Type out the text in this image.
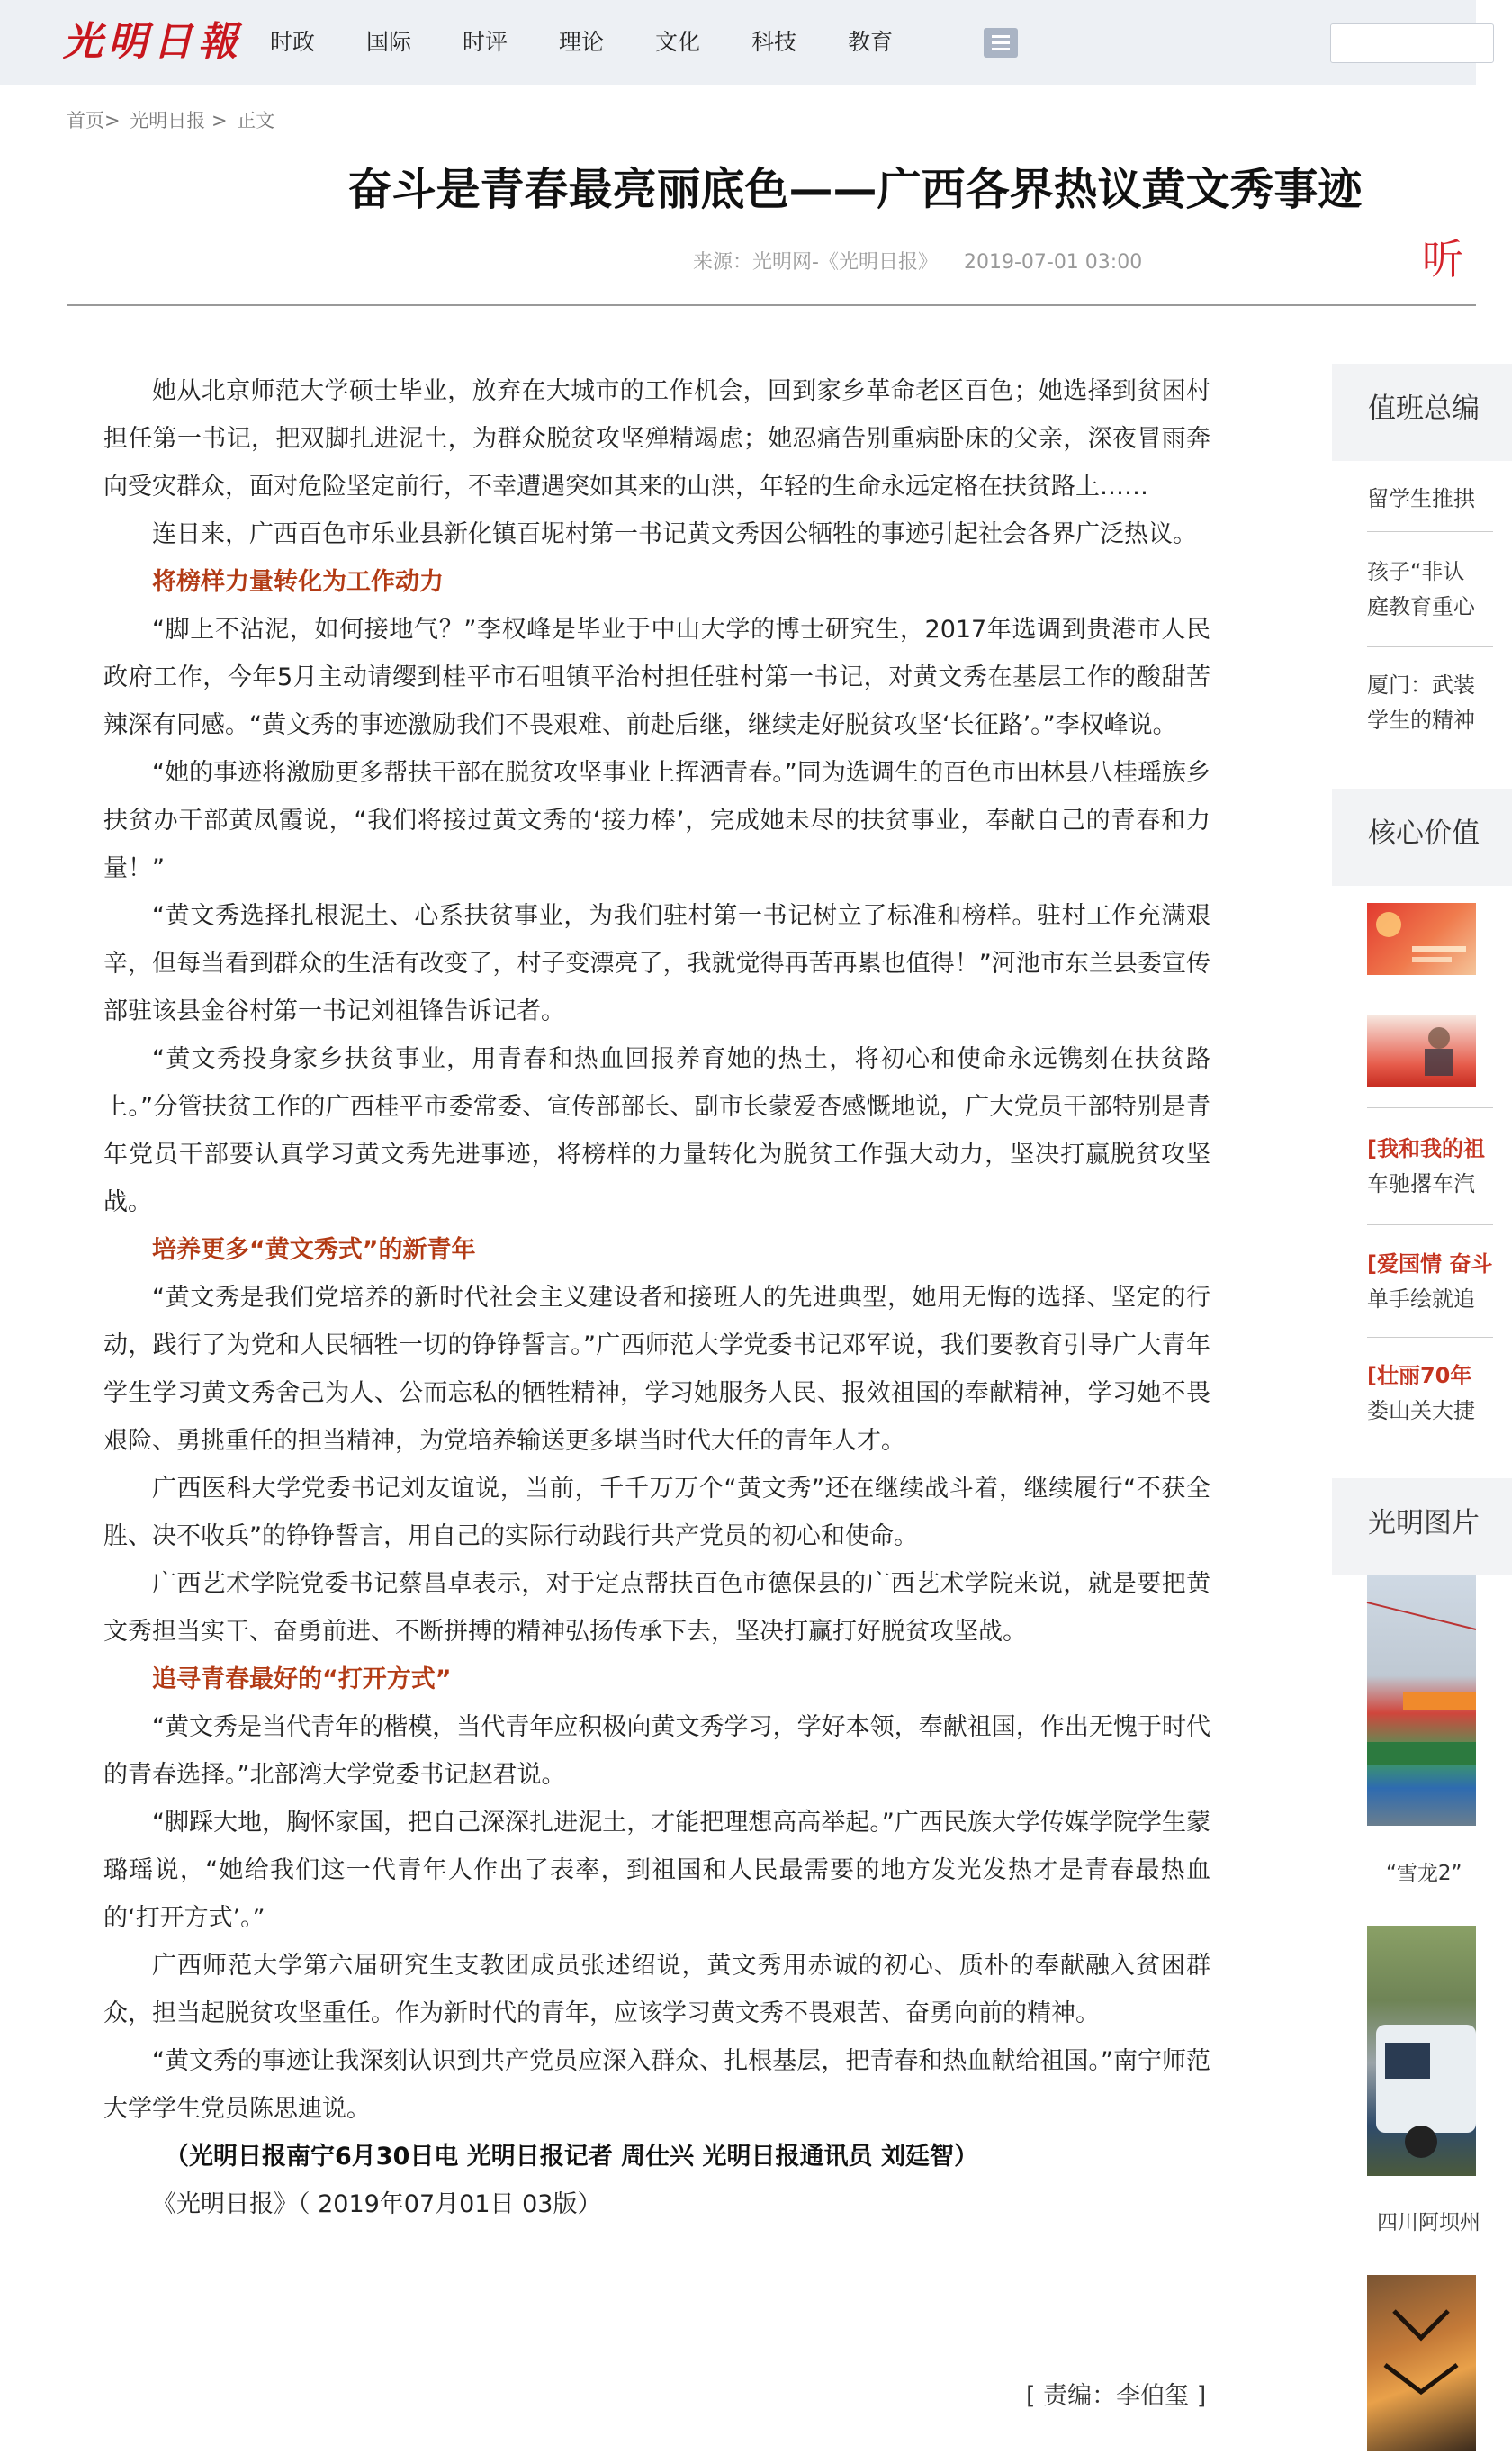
光明日報 时政 国际 时评 理论 文化 科技 教育
首页> 光明日报 > 正文
奋斗是青春最亮丽底色——广西各界热议黄文秀事迹
来源：光明网-《光明日报》 2019-07-01 03:00	听

她从北京师范大学硕士毕业，放弃在大城市的工作机会，回到家乡革命老区百色；她选择到贫困村担任第一书记，把双脚扎进泥土，为群众脱贫攻坚殚精竭虑；她忍痛告别重病卧床的父亲，深夜冒雨奔向受灾群众，面对危险坚定前行，不幸遭遇突如其来的山洪，年轻的生命永远定格在扶贫路上……

连日来，广西百色市乐业县新化镇百坭村第一书记黄文秀因公牺牲的事迹引起社会各界广泛热议。

将榜样力量转化为工作动力

“脚上不沾泥，如何接地气？”李权峰是毕业于中山大学的博士研究生，2017年选调到贵港市人民政府工作，今年5月主动请缨到桂平市石咀镇平治村担任驻村第一书记，对黄文秀在基层工作的酸甜苦辣深有同感。“黄文秀的事迹激励我们不畏艰难、前赴后继，继续走好脱贫攻坚‘长征路’。”李权峰说。

“她的事迹将激励更多帮扶干部在脱贫攻坚事业上挥洒青春。”同为选调生的百色市田林县八桂瑶族乡扶贫办干部黄凤霞说，“我们将接过黄文秀的‘接力棒’，完成她未尽的扶贫事业，奉献自己的青春和力量！”

“黄文秀选择扎根泥土、心系扶贫事业，为我们驻村第一书记树立了标准和榜样。驻村工作充满艰辛，但每当看到群众的生活有改变了，村子变漂亮了，我就觉得再苦再累也值得！”河池市东兰县委宣传部驻该县金谷村第一书记刘祖锋告诉记者。

“黄文秀投身家乡扶贫事业，用青春和热血回报养育她的热土，将初心和使命永远镌刻在扶贫路上。”分管扶贫工作的广西桂平市委常委、宣传部部长、副市长蒙爱杏感慨地说，广大党员干部特别是青年党员干部要认真学习黄文秀先进事迹，将榜样的力量转化为脱贫工作强大动力，坚决打赢脱贫攻坚战。

培养更多“黄文秀式”的新青年

“黄文秀是我们党培养的新时代社会主义建设者和接班人的先进典型，她用无悔的选择、坚定的行动，践行了为党和人民牺牲一切的铮铮誓言。”广西师范大学党委书记邓军说，我们要教育引导广大青年学生学习黄文秀舍己为人、公而忘私的牺牲精神，学习她服务人民、报效祖国的奉献精神，学习她不畏艰险、勇挑重任的担当精神，为党培养输送更多堪当时代大任的青年人才。

广西医科大学党委书记刘友谊说，当前，千千万万个“黄文秀”还在继续战斗着，继续履行“不获全胜、决不收兵”的铮铮誓言，用自己的实际行动践行共产党员的初心和使命。

广西艺术学院党委书记蔡昌卓表示，对于定点帮扶百色市德保县的广西艺术学院来说，就是要把黄文秀担当实干、奋勇前进、不断拼搏的精神弘扬传承下去，坚决打赢打好脱贫攻坚战。

追寻青春最好的“打开方式”

“黄文秀是当代青年的楷模，当代青年应积极向黄文秀学习，学好本领，奉献祖国，作出无愧于时代的青春选择。”北部湾大学党委书记赵君说。

“脚踩大地，胸怀家国，把自己深深扎进泥土，才能把理想高高举起。”广西民族大学传媒学院学生蒙璐瑶说，“她给我们这一代青年人作出了表率，到祖国和人民最需要的地方发光发热才是青春最热血的‘打开方式’。”

广西师范大学第六届研究生支教团成员张述绍说，黄文秀用赤诚的初心、质朴的奉献融入贫困群众，担当起脱贫攻坚重任。作为新时代的青年，应该学习黄文秀不畏艰苦、奋勇向前的精神。

“黄文秀的事迹让我深刻认识到共产党员应深入群众、扎根基层，把青春和热血献给祖国。”南宁师范大学学生党员陈思迪说。

（光明日报南宁6月30日电 光明日报记者 周仕兴 光明日报通讯员 刘廷智）

《光明日报》（ 2019年07月01日 03版）

[ 责编：李伯玺 ]
值班总编
留学生推拱
孩子“非认
庭教育重心
厦门：武装
学生的精神
核心价值
[我和我的祖
车驰撂车汽
[爱国情 奋斗
单手绘就追
[壮丽70年
娄山关大捷
光明图片
“雪龙2”
四川阿坝州
